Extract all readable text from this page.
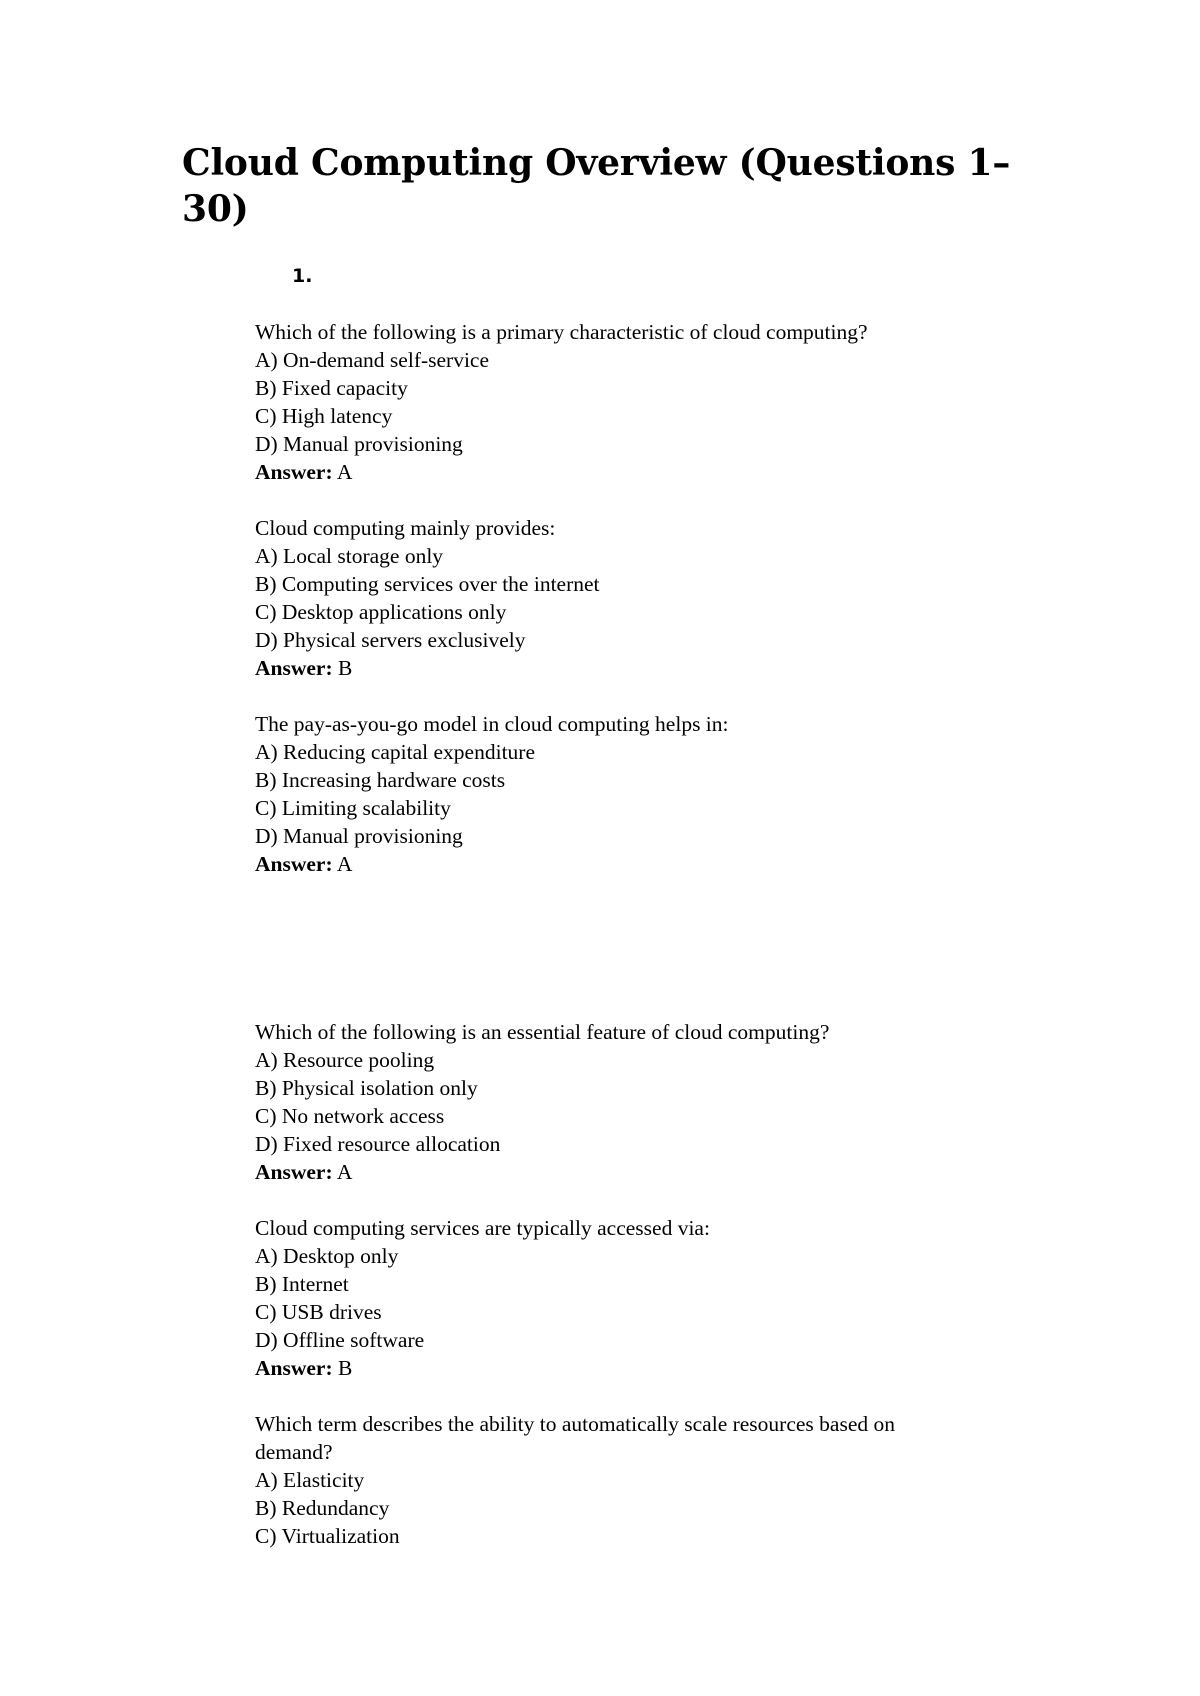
Cloud Computing Overview (Questions 1–30)
1.

Which of the following is a primary characteristic of cloud computing?

A) On-demand self-service

B) Fixed capacity

C) High latency

D) Manual provisioning

Answer: A

Cloud computing mainly provides:

A) Local storage only

B) Computing services over the internet

C) Desktop applications only

D) Physical servers exclusively

Answer: B

The pay-as-you-go model in cloud computing helps in:

A) Reducing capital expenditure

B) Increasing hardware costs

C) Limiting scalability

D) Manual provisioning

Answer: A

Which of the following is an essential feature of cloud computing?

A) Resource pooling

B) Physical isolation only

C) No network access

D) Fixed resource allocation

Answer: A

Cloud computing services are typically accessed via:

A) Desktop only

B) Internet

C) USB drives

D) Offline software

Answer: B

Which term describes the ability to automatically scale resources based on
demand?

A) Elasticity

B) Redundancy

C) Virtualization
